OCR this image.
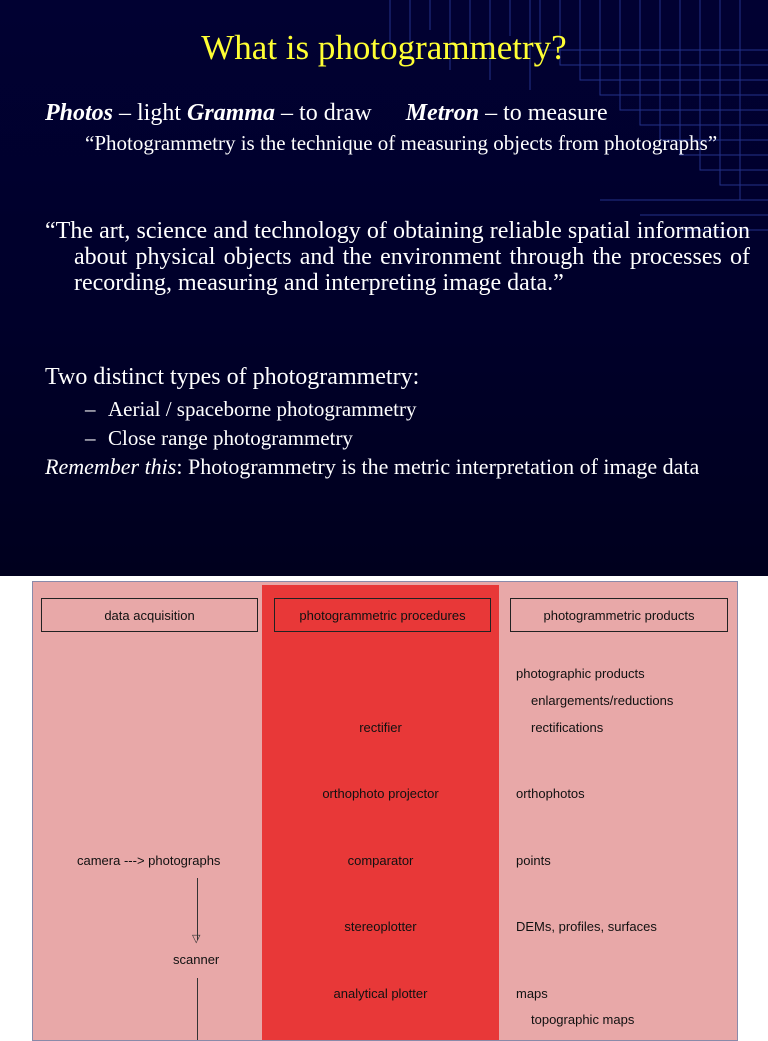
What is photogrammetry?
Photos – light Gramma – to draw Metron – to measure
“Photogrammetry is the technique of measuring objects from photographs”
“The art, science and technology of obtaining reliable spatial information about physical objects and the environment through the processes of recording, measuring and interpreting image data.”
Two distinct types of photogrammetry:
– Aerial / spaceborne photogrammetry
– Close range photogrammetry
Remember this: Photogrammetry is the metric interpretation of image data
data acquisition	photogrammetric procedures	photogrammetric products
photographic products
enlargements/reductions
rectifications
orthophotos
points
DEMs, profiles, surfaces
maps
topographic maps
rectifier
orthophoto projector
comparator
stereoplotter
analytical plotter
camera ---> photographs
▽
scanner
